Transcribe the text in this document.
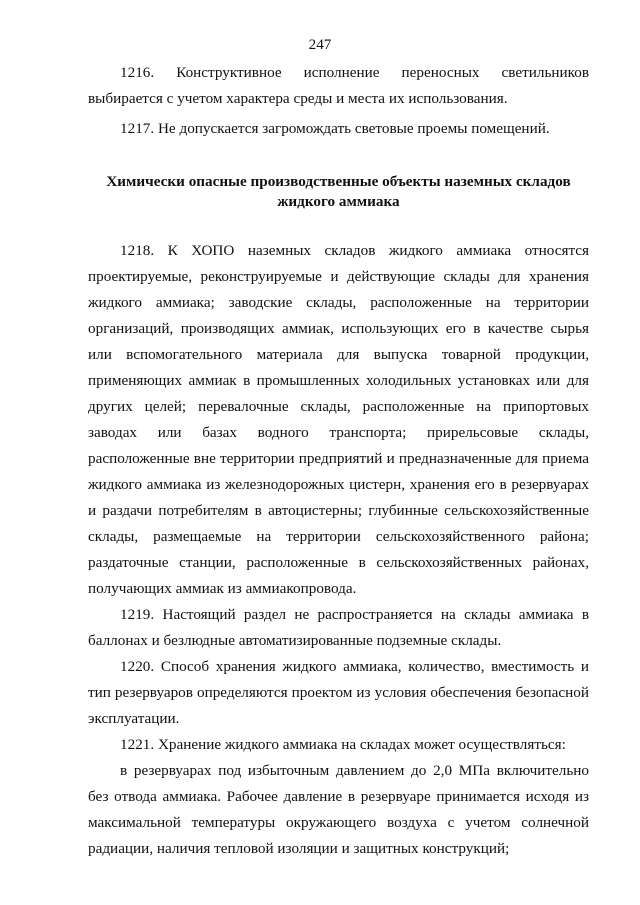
247

1216. Конструктивное исполнение переносных светильников выбирается с учетом характера среды и места их использования.

1217. Не допускается загромождать световые проемы помещений.

Химически опасные производственные объекты наземных складов жидкого аммиака

1218. К ХОПО наземных складов жидкого аммиака относятся проектируемые, реконструируемые и действующие склады для хранения жидкого аммиака; заводские склады, расположенные на территории организаций, производящих аммиак, использующих его в качестве сырья или вспомогательного материала для выпуска товарной продукции, применяющих аммиак в промышленных холодильных установках или для других целей; перевалочные склады, расположенные на припортовых заводах или базах водного транспорта; прирельсовые склады, расположенные вне территории предприятий и предназначенные для приема жидкого аммиака из железнодорожных цистерн, хранения его в резервуарах и раздачи потребителям в автоцистерны; глубинные сельскохозяйственные склады, размещаемые на территории сельскохозяйственного района; раздаточные станции, расположенные в сельскохозяйственных районах, получающих аммиак из аммиакопровода.

1219. Настоящий раздел не распространяется на склады аммиака в баллонах и безлюдные автоматизированные подземные склады.

1220. Способ хранения жидкого аммиака, количество, вместимость и тип резервуаров определяются проектом из условия обеспечения безопасной эксплуатации.

1221. Хранение жидкого аммиака на складах может осуществляться:

в резервуарах под избыточным давлением до 2,0 МПа включительно без отвода аммиака. Рабочее давление в резервуаре принимается исходя из максимальной температуры окружающего воздуха с учетом солнечной радиации, наличия тепловой изоляции и защитных конструкций;
